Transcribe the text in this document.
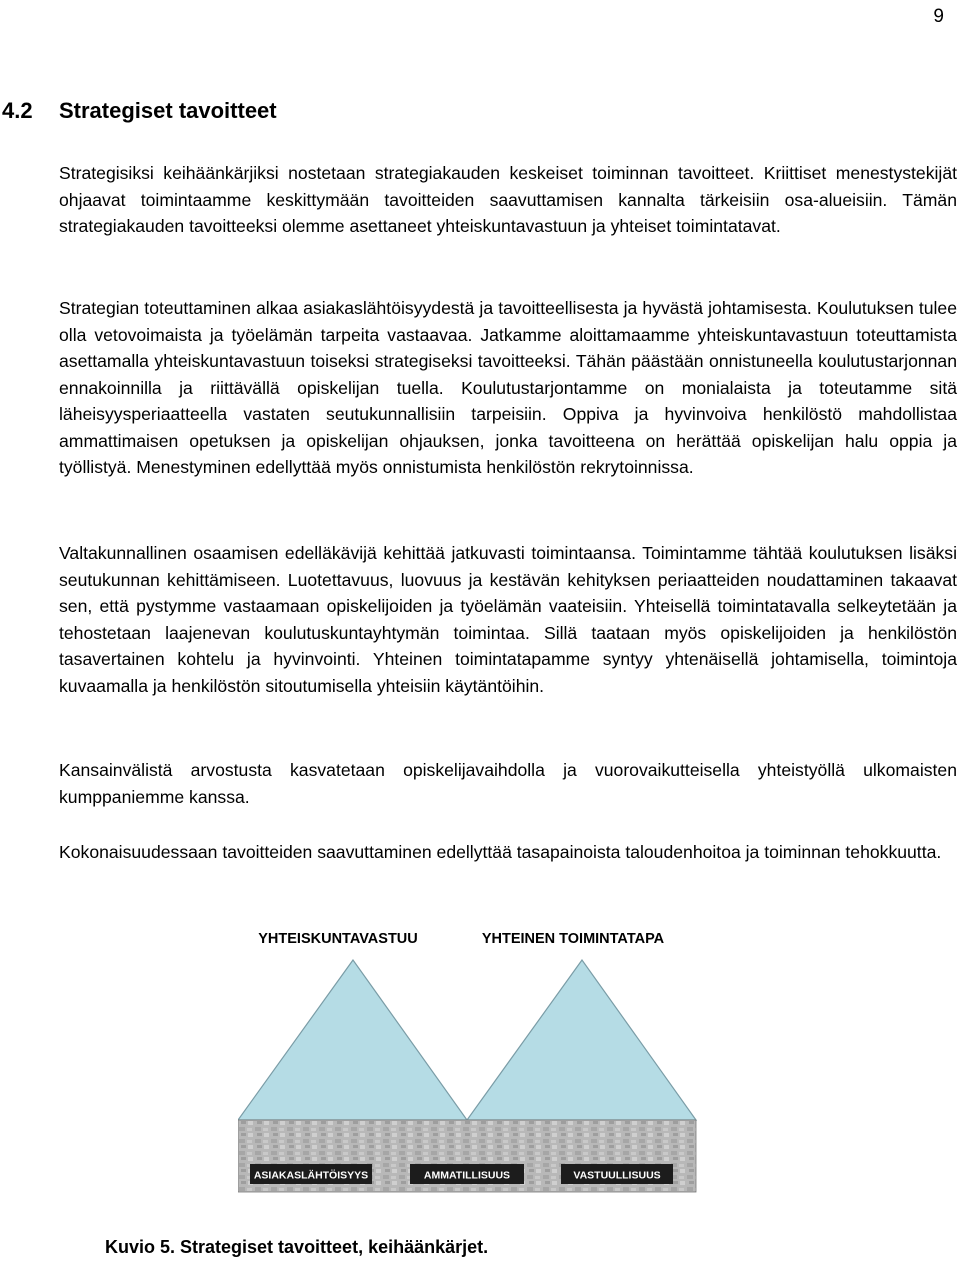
9
4.2 Strategiset tavoitteet

Strategisiksi keihäänkärjiksi nostetaan strategiakauden keskeiset toiminnan tavoitteet. Kriittiset menestystekijät ohjaavat toimintaamme keskittymään tavoitteiden saavuttamisen kannalta tärkeisiin osa-alueisiin. Tämän strategiakauden tavoitteeksi olemme asettaneet yhteiskuntavastuun ja yhteiset toimintatavat.

Strategian toteuttaminen alkaa asiakaslähtöisyydestä ja tavoitteellisesta ja hyvästä johtamisesta. Koulutuksen tulee olla vetovoimaista ja työelämän tarpeita vastaavaa. Jatkamme aloittamaamme yhteiskuntavastuun toteuttamista asettamalla yhteiskuntavastuun toiseksi strategiseksi tavoitteeksi. Tähän päästään onnistuneella koulutustarjonnan ennakoinnilla ja riittävällä opiskelijan tuella. Koulutustarjontamme on monialaista ja toteutamme sitä läheisyysperiaatteella vastaten seutukunnallisiin tarpeisiin. Oppiva ja hyvinvoiva henkilöstö mahdollistaa ammattimaisen opetuksen ja opiskelijan ohjauksen, jonka tavoitteena on herättää opiskelijan halu oppia ja työllistyä. Menestyminen edellyttää myös onnistumista henkilöstön rekrytoinnissa.

Valtakunnallinen osaamisen edelläkävijä kehittää jatkuvasti toimintaansa. Toimintamme tähtää koulutuksen lisäksi seutukunnan kehittämiseen. Luotettavuus, luovuus ja kestävän kehityksen periaatteiden noudattaminen takaavat sen, että pystymme vastaamaan opiskelijoiden ja työelämän vaateisiin. Yhteisellä toimintatavalla selkeytetään ja tehostetaan laajenevan koulutuskuntayhtymän toimintaa. Sillä taataan myös opiskelijoiden ja henkilöstön tasavertainen kohtelu ja hyvinvointi. Yhteinen toimintatapamme syntyy yhtenäisellä johtamisella, toimintoja kuvaamalla ja henkilöstön sitoutumisella yhteisiin käytäntöihin.

Kansainvälistä arvostusta kasvatetaan opiskelijavaihdolla ja vuorovaikutteisella yhteistyöllä ulkomaisten kumppaniemme kanssa.

Kokonaisuudessaan tavoitteiden saavuttaminen edellyttää tasapainoista taloudenhoitoa ja toiminnan tehokkuutta.

YHTEISKUNTAVASTUU	YHTEINEN TOIMINTATAPA
ASIAKASLÄHTÖISYYS	AMMATILLISUUS	VASTUULLISUUS

Kuvio 5. Strategiset tavoitteet, keihäänkärjet.
